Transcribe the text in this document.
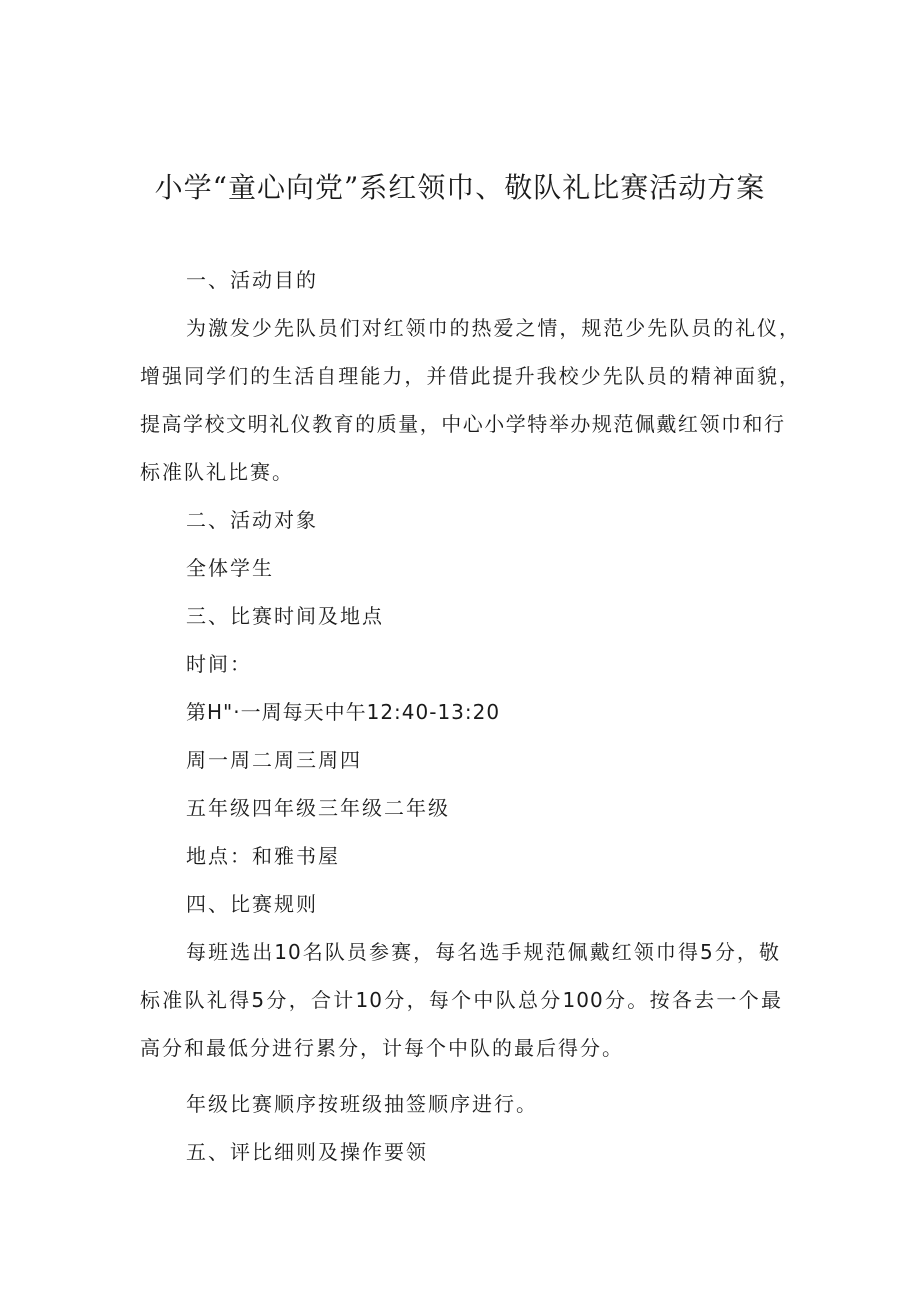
小学“童心向党”系红领巾、敬队礼比赛活动方案
一、活动目的
为激发少先队员们对红领巾的热爱之情，规范少先队员的礼仪，
增强同学们的生活自理能力，并借此提升我校少先队员的精神面貌，
提高学校文明礼仪教育的质量，中心小学特举办规范佩戴红领巾和行
标准队礼比赛。
二、活动对象
全体学生
三、比赛时间及地点
时间：
第H"·一周每天中午12:40-13:20
周一周二周三周四
五年级四年级三年级二年级
地点：和雅书屋
四、比赛规则
每班选出10名队员参赛，每名选手规范佩戴红领巾得5分，敬
标准队礼得5分，合计10分，每个中队总分100分。按各去一个最
高分和最低分进行累分，计每个中队的最后得分。
年级比赛顺序按班级抽签顺序进行。
五、评比细则及操作要领
